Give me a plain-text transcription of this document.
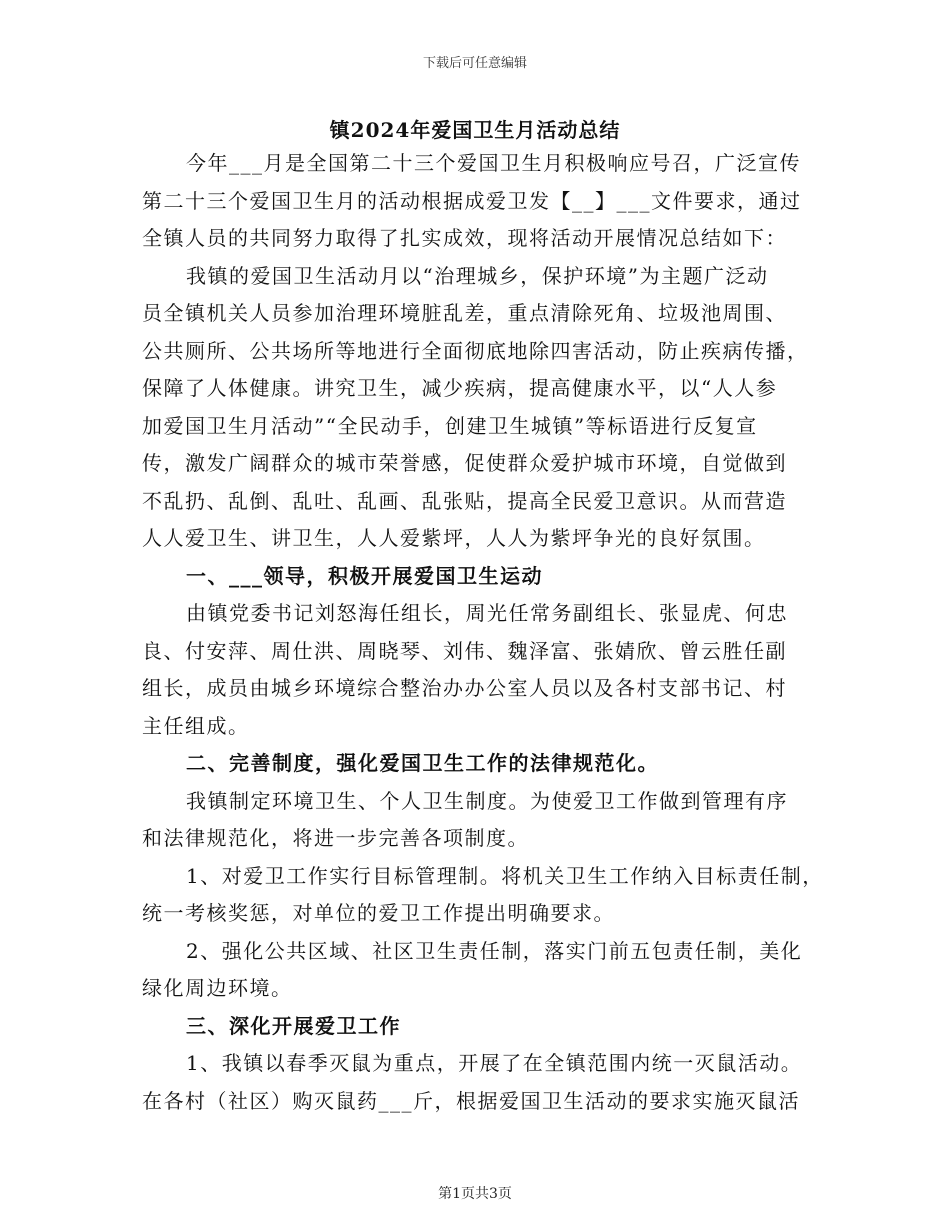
下载后可任意编辑
镇2024年爱国卫生月活动总结

今年___月是全国第二十三个爱国卫生月积极响应号召，广泛宣传

第二十三个爱国卫生月的活动根据成爱卫发【__】___文件要求，通过

全镇人员的共同努力取得了扎实成效，现将活动开展情况总结如下：

我镇的爱国卫生活动月以“治理城乡，保护环境”为主题广泛动

员全镇机关人员参加治理环境脏乱差，重点清除死角、垃圾池周围、

公共厕所、公共场所等地进行全面彻底地除四害活动，防止疾病传播，

保障了人体健康。讲究卫生，减少疾病，提高健康水平，以“人人参

加爱国卫生月活动”“全民动手，创建卫生城镇”等标语进行反复宣

传，激发广阔群众的城市荣誉感，促使群众爱护城市环境，自觉做到

不乱扔、乱倒、乱吐、乱画、乱张贴，提高全民爱卫意识。从而营造

人人爱卫生、讲卫生，人人爱紫坪，人人为紫坪争光的良好氛围。

一、___领导，积极开展爱国卫生运动

由镇党委书记刘怒海任组长，周光任常务副组长、张显虎、何忠

良、付安萍、周仕洪、周晓琴、刘伟、魏泽富、张婧欣、曾云胜任副

组长，成员由城乡环境综合整治办办公室人员以及各村支部书记、村

主任组成。

二、完善制度，强化爱国卫生工作的法律规范化。

我镇制定环境卫生、个人卫生制度。为使爱卫工作做到管理有序

和法律规范化，将进一步完善各项制度。

1、对爱卫工作实行目标管理制。将机关卫生工作纳入目标责任制，

统一考核奖惩，对单位的爱卫工作提出明确要求。

2、强化公共区域、社区卫生责任制，落实门前五包责任制，美化

绿化周边环境。

三、深化开展爱卫工作

1、我镇以春季灭鼠为重点，开展了在全镇范围内统一灭鼠活动。

在各村（社区）购灭鼠药___斤，根据爱国卫生活动的要求实施灭鼠活

第1页共3页
